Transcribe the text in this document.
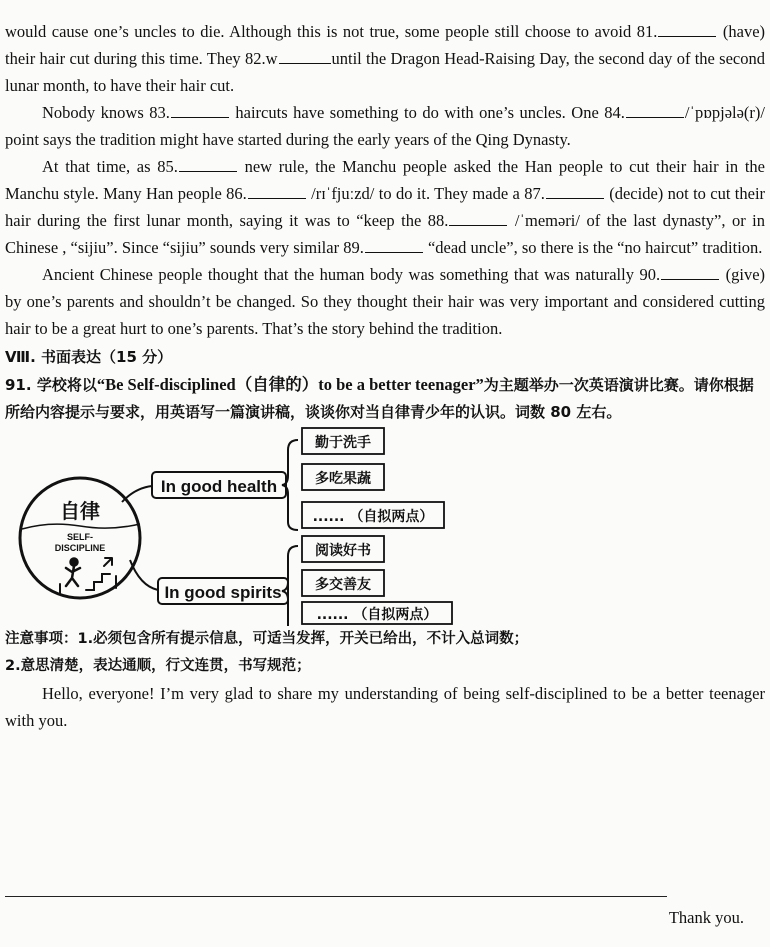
would cause one’s uncles to die. Although this is not true, some people still choose to avoid 81.	(have) their hair cut during this time. They 82.w	until the Dragon Head-Raising Day, the second day of the second lunar month, to have their hair cut.

Nobody knows 83.	haircuts have something to do with one’s uncles. One 84.	/ˈpɒpjələ(r)/ point says the tradition might have started during the early years of the Qing Dynasty.

At that time, as 85.	new rule, the Manchu people asked the Han people to cut their hair in the Manchu style. Many Han people 86.	/rɪˈfjuːzd/ to do it. They made a 87.	(decide) not to cut their hair during the first lunar month, saying it was to “keep the 88.	/ˈmeməri/ of the last dynasty”, or in Chinese , “sijiu”. Since “sijiu” sounds very similar 89.	“dead uncle”, so there is the “no haircut” tradition.

Ancient Chinese people thought that the human body was something that was naturally 90.	(give) by one’s parents and shouldn’t be changed. So they thought their hair was very important and considered cutting hair to be a great hurt to one’s parents. That’s the story behind the tradition.

Ⅷ. 书面表达（15 分）

91. 学校将以“Be Self-disciplined（自律的）to be a better teenager”为主题举办一次英语演讲比赛。请你根据所给内容提示与要求，用英语写一篇演讲稿，谈谈你对当自律青少年的认识。词数 80 左右。

自律
SELF-
DISCIPLINE
In good health
In good spirits
勤于洗手
多吃果蔬
...... （自拟两点）
阅读好书
多交善友
...... （自拟两点）

注意事项：1.必须包含所有提示信息，可适当发挥，开关已给出，不计入总词数；

2.意思清楚，表达通顺，行文连贯，书写规范；

Hello, everyone! I’m very glad to share my understanding of being self-disciplined to be a better teenager with you.

Thank you.
